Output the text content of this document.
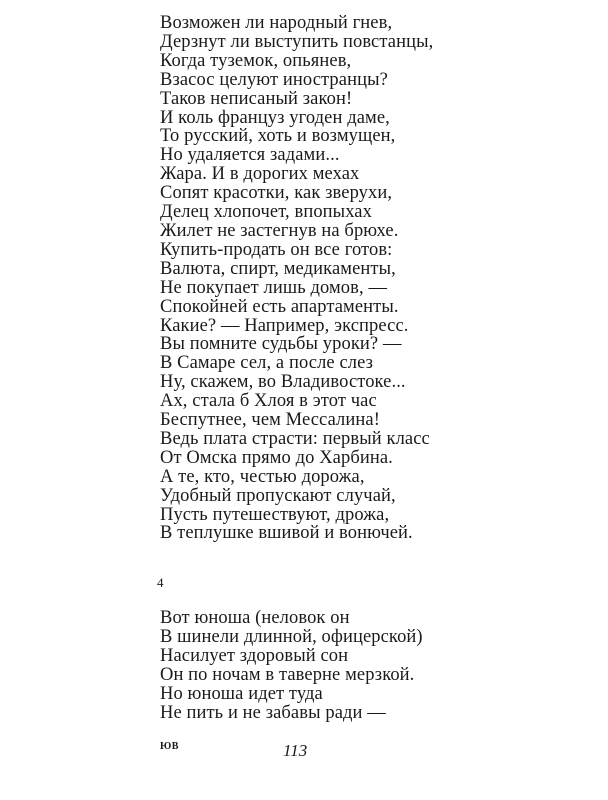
Возможен ли народный гнев,
Дерзнут ли выступить повстанцы,
Когда туземок, опьянев,
Взасос целуют иностранцы?
Таков неписаный закон!
И коль француз угоден даме,
То русский, хоть и возмущен,
Но удаляется задами...
Жара. И в дорогих мехах
Сопят красотки, как зверухи,
Делец хлопочет, впопыхах
Жилет не застегнув на брюхе.
Купить-продать он все готов:
Валюта, спирт, медикаменты,
Не покупает лишь домов, —
Спокойней есть апартаменты.
Какие? — Например, экспресс.
Вы помните судьбы уроки? —
В Самаре сел, а после слез
Ну, скажем, во Владивостоке...
Ах, стала б Хлоя в этот час
Беспутнее, чем Мессалина!
Ведь плата страсти: первый класс
От Омска прямо до Харбина.
А те, кто, честью дорожа,
Удобный пропускают случай,
Пусть путешествуют, дрожа,
В теплушке вшивой и вонючей.
4
Вот юноша (неловок он
В шинели длинной, офицерской)
Насилует здоровый сон
Он по ночам в таверне мерзкой.
Но юноша идет туда
Не пить и не забавы ради —
ЮВ	113
